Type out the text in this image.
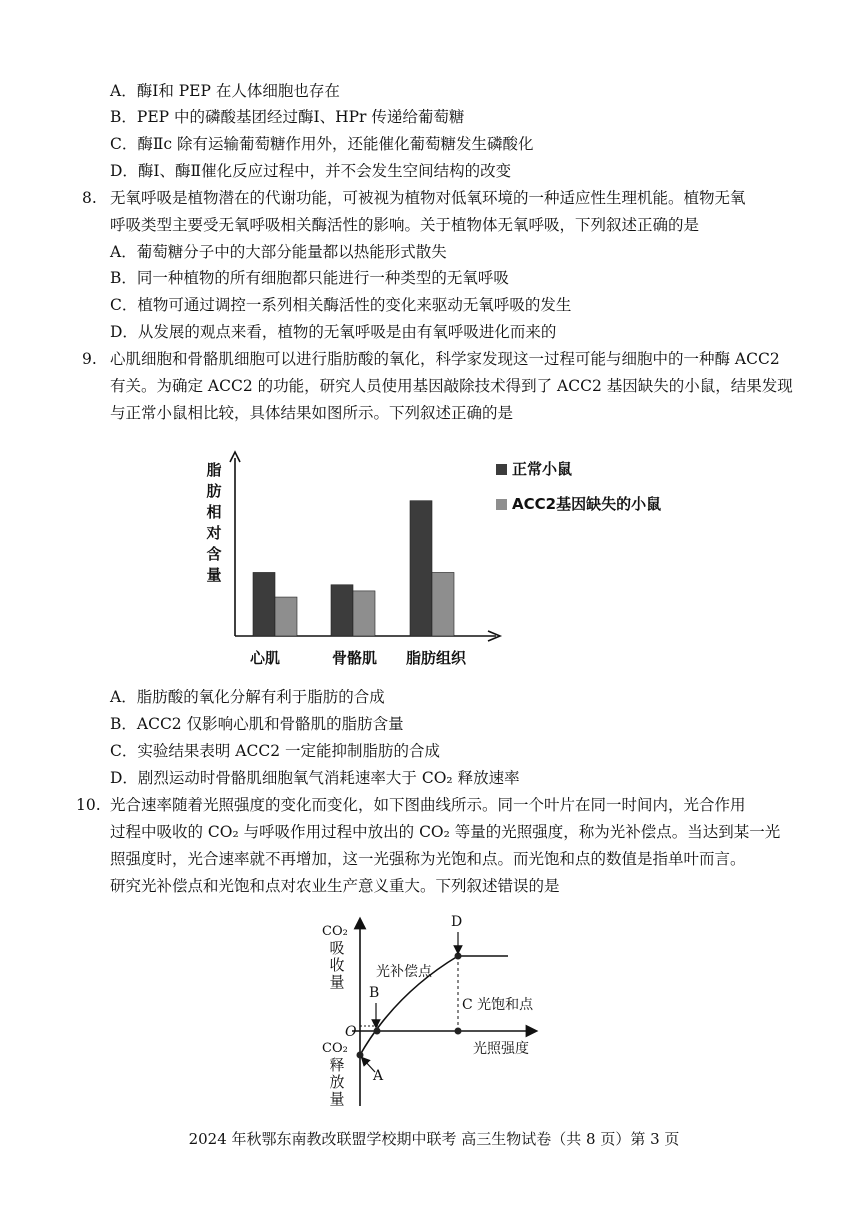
A．酶Ⅰ和 PEP 在人体细胞也存在
B．PEP 中的磷酸基团经过酶Ⅰ、HPr 传递给葡萄糖
C．酶Ⅱc 除有运输葡萄糖作用外，还能催化葡萄糖发生磷酸化
D．酶Ⅰ、酶Ⅱ催化反应过程中，并不会发生空间结构的改变
8. 无氧呼吸是植物潜在的代谢功能，可被视为植物对低氧环境的一种适应性生理机能。植物无氧
呼吸类型主要受无氧呼吸相关酶活性的影响。关于植物体无氧呼吸，下列叙述正确的是
A．葡萄糖分子中的大部分能量都以热能形式散失
B．同一种植物的所有细胞都只能进行一种类型的无氧呼吸
C．植物可通过调控一系列相关酶活性的变化来驱动无氧呼吸的发生
D．从发展的观点来看，植物的无氧呼吸是由有氧呼吸进化而来的
9. 心肌细胞和骨骼肌细胞可以进行脂肪酸的氧化，科学家发现这一过程可能与细胞中的一种酶 ACC2
有关。为确定 ACC2 的功能，研究人员使用基因敲除技术得到了 ACC2 基因缺失的小鼠，结果发现
与正常小鼠相比较，具体结果如图所示。下列叙述正确的是
脂
肪
相
对
含
量
心肌	骨骼肌 脂肪组织
正常小鼠
ACC2基因缺失的小鼠
A．脂肪酸的氧化分解有利于脂肪的合成
B．ACC2 仅影响心肌和骨骼肌的脂肪含量
C．实验结果表明 ACC2 一定能抑制脂肪的合成
D．剧烈运动时骨骼肌细胞氧气消耗速率大于 CO₂ 释放速率
10. 光合速率随着光照强度的变化而变化，如下图曲线所示。同一个叶片在同一时间内，光合作用
过程中吸收的 CO₂ 与呼吸作用过程中放出的 CO₂ 等量的光照强度，称为光补偿点。当达到某一光
照强度时，光合速率就不再增加，这一光强称为光饱和点。而光饱和点的数值是指单叶而言。
研究光补偿点和光饱和点对农业生产意义重大。下列叙述错误的是
CO₂
吸
收
量
CO₂
释
放
量
O
光照强度
A
B
C 光饱和点
D
光补偿点
2024 年秋鄂东南教改联盟学校期中联考 高三生物试卷（共 8 页）第 3 页
